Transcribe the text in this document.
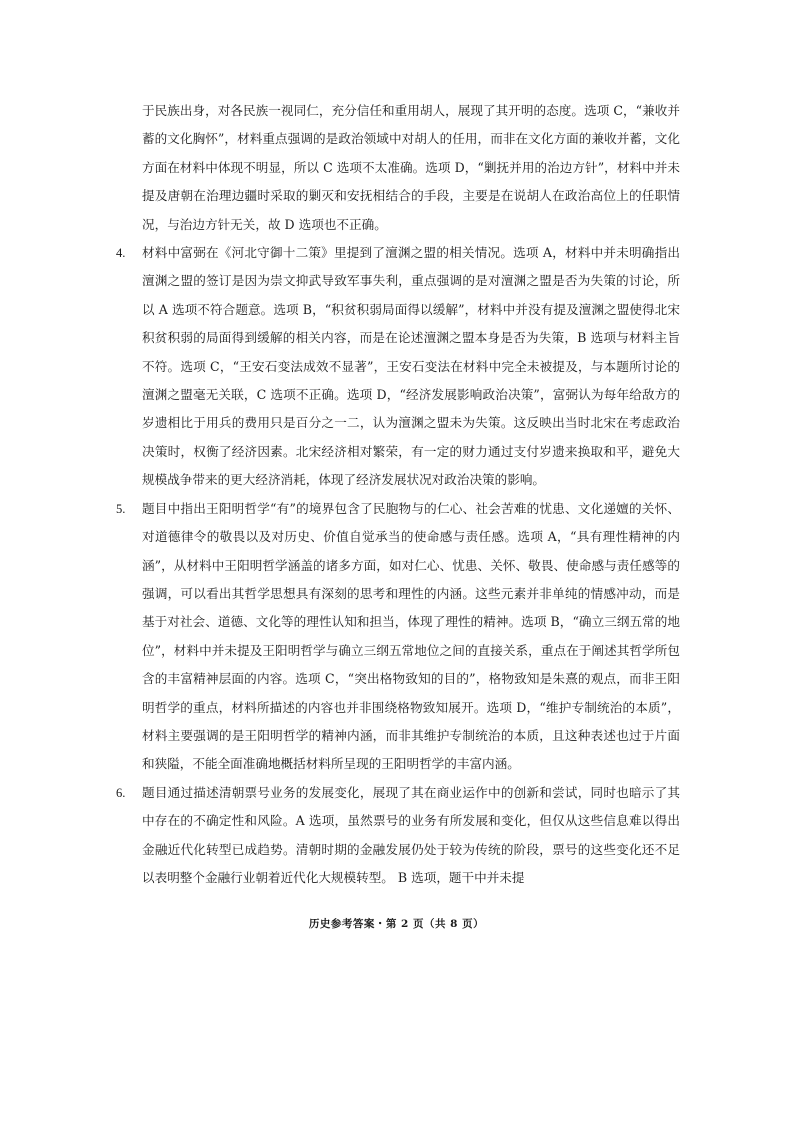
于民族出身，对各民族一视同仁，充分信任和重用胡人，展现了其开明的态度。选项 C，“兼收并蓄的文化胸怀”，材料重点强调的是政治领域中对胡人的任用，而非在文化方面的兼收并蓄，文化方面在材料中体现不明显，所以 C 选项不太准确。选项 D，“剿抚并用的治边方针”，材料中并未提及唐朝在治理边疆时采取的剿灭和安抚相结合的手段，主要是在说胡人在政治高位上的任职情况，与治边方针无关，故 D 选项也不正确。

4. 材料中富弼在《河北守御十二策》里提到了澶渊之盟的相关情况。选项 A，材料中并未明确指出澶渊之盟的签订是因为崇文抑武导致军事失利，重点强调的是对澶渊之盟是否为失策的讨论，所以 A 选项不符合题意。选项 B，“积贫积弱局面得以缓解”，材料中并没有提及澶渊之盟使得北宋积贫积弱的局面得到缓解的相关内容，而是在论述澶渊之盟本身是否为失策，B 选项与材料主旨不符。选项 C，“王安石变法成效不显著”，王安石变法在材料中完全未被提及，与本题所讨论的澶渊之盟毫无关联，C 选项不正确。选项 D，“经济发展影响政治决策”，富弼认为每年给敌方的岁遗相比于用兵的费用只是百分之一二，认为澶渊之盟未为失策。这反映出当时北宋在考虑政治决策时，权衡了经济因素。北宋经济相对繁荣，有一定的财力通过支付岁遗来换取和平，避免大规模战争带来的更大经济消耗，体现了经济发展状况对政治决策的影响。

5. 题目中指出王阳明哲学“有”的境界包含了民胞物与的仁心、社会苦难的忧患、文化递嬗的关怀、对道德律令的敬畏以及对历史、价值自觉承当的使命感与责任感。选项 A，“具有理性精神的内涵”，从材料中王阳明哲学涵盖的诸多方面，如对仁心、忧患、关怀、敬畏、使命感与责任感等的强调，可以看出其哲学思想具有深刻的思考和理性的内涵。这些元素并非单纯的情感冲动，而是基于对社会、道德、文化等的理性认知和担当，体现了理性的精神。选项 B，“确立三纲五常的地位”，材料中并未提及王阳明哲学与确立三纲五常地位之间的直接关系，重点在于阐述其哲学所包含的丰富精神层面的内容。选项 C，“突出格物致知的目的”，格物致知是朱熹的观点，而非王阳明哲学的重点，材料所描述的内容也并非围绕格物致知展开。选项 D，“维护专制统治的本质”，材料主要强调的是王阳明哲学的精神内涵，而非其维护专制统治的本质，且这种表述也过于片面和狭隘，不能全面准确地概括材料所呈现的王阳明哲学的丰富内涵。

6. 题目通过描述清朝票号业务的发展变化，展现了其在商业运作中的创新和尝试，同时也暗示了其中存在的不确定性和风险。A 选项，虽然票号的业务有所发展和变化，但仅从这些信息难以得出金融近代化转型已成趋势。清朝时期的金融发展仍处于较为传统的阶段，票号的这些变化还不足以表明整个金融行业朝着近代化大规模转型。 B 选项，题干中并未提

历史参考答案・第 2 页（共 8 页）
